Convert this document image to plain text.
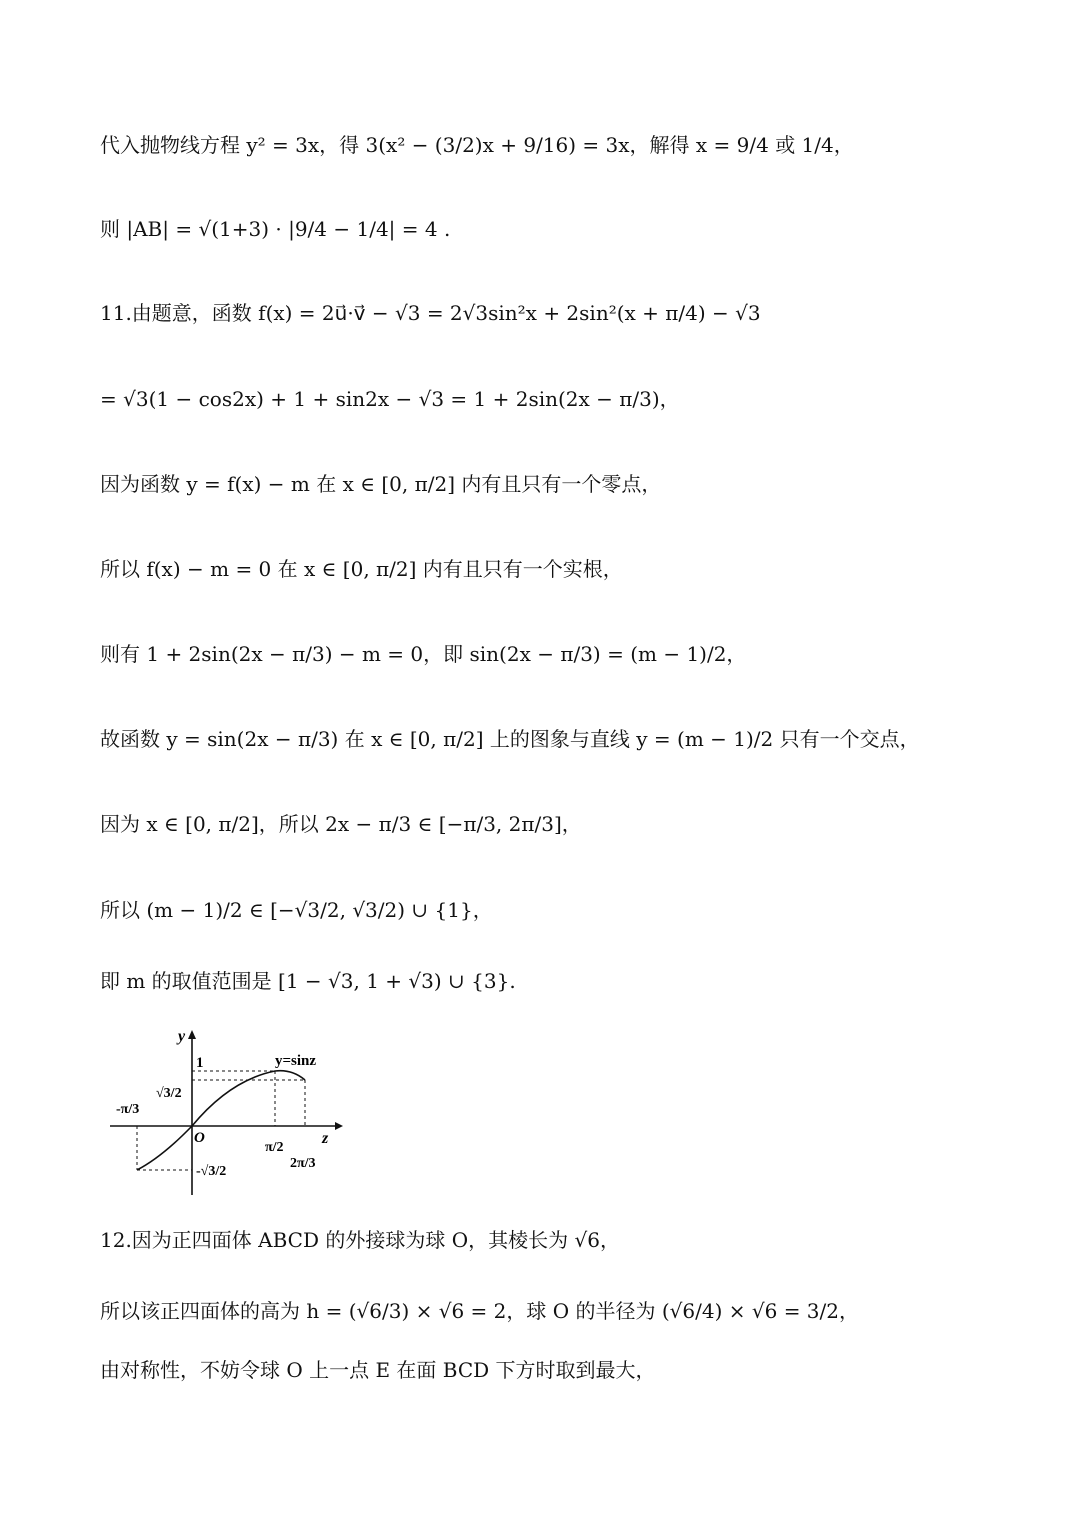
代入抛物线方程 y² = 3x，得 3(x² − (3/2)x + 9/16) = 3x，解得 x = 9/4 或 1/4，
则 |AB| = √(1+3) · |9/4 − 1/4| = 4 .
11.由题意，函数 f(x) = 2u⃗·v⃗ − √3 = 2√3sin²x + 2sin²(x + π/4) − √3
= √3(1 − cos2x) + 1 + sin2x − √3 = 1 + 2sin(2x − π/3)，
因为函数 y = f(x) − m 在 x ∈ [0, π/2] 内有且只有一个零点，
所以 f(x) − m = 0 在 x ∈ [0, π/2] 内有且只有一个实根，
则有 1 + 2sin(2x − π/3) − m = 0，即 sin(2x − π/3) = (m − 1)/2，
故函数 y = sin(2x − π/3) 在 x ∈ [0, π/2] 上的图象与直线 y = (m − 1)/2 只有一个交点，
因为 x ∈ [0, π/2]，所以 2x − π/3 ∈ [−π/3, 2π/3]，
所以 (m − 1)/2 ∈ [−√3/2, √3/2) ∪ {1}，
即 m 的取值范围是 [1 − √3, 1 + √3) ∪ {3}.
y
z
y=sinz
O
1
√3/2
-π/3
-√3/2
π/2
2π/3
12.因为正四面体 ABCD 的外接球为球 O，其棱长为 √6，
所以该正四面体的高为 h = (√6/3) × √6 = 2，球 O 的半径为 (√6/4) × √6 = 3/2，
由对称性，不妨令球 O 上一点 E 在面 BCD 下方时取到最大，
